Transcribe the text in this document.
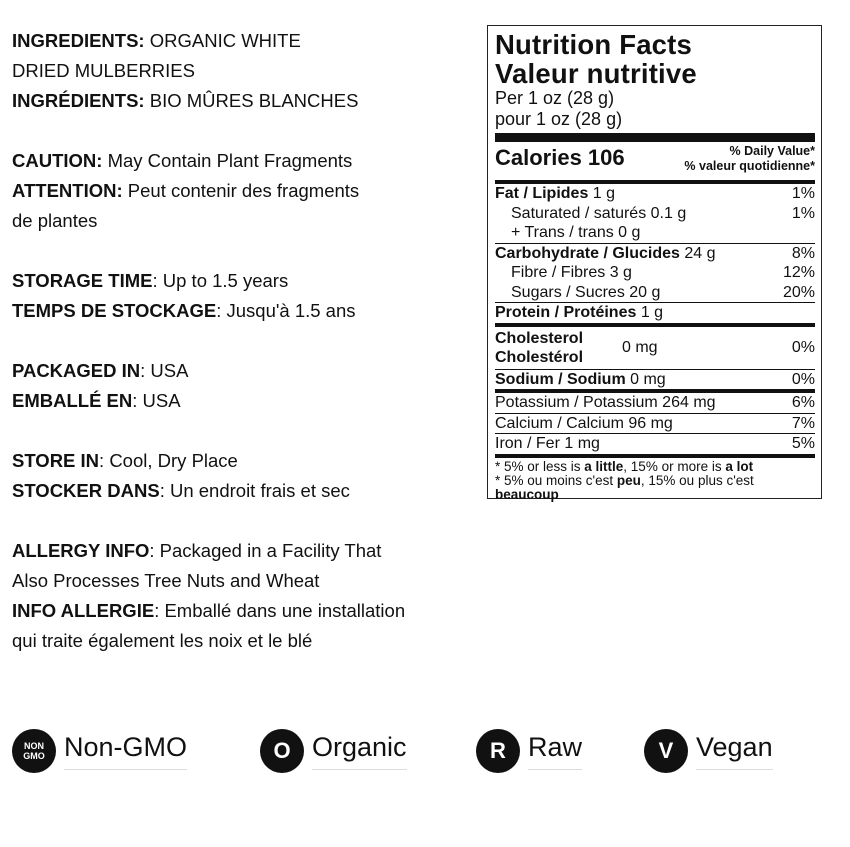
INGREDIENTS: ORGANIC WHITE

DRIED MULBERRIES

INGRÉDIENTS: BIO MÛRES BLANCHES

CAUTION: May Contain Plant Fragments

ATTENTION: Peut contenir des fragments

de plantes

STORAGE TIME: Up to 1.5 years

TEMPS DE STOCKAGE: Jusqu'à 1.5 ans

PACKAGED IN: USA

EMBALLÉ EN: USA

STORE IN: Cool, Dry Place

STOCKER DANS: Un endroit frais et sec

ALLERGY INFO: Packaged in a Facility That

Also Processes Tree Nuts and Wheat

INFO ALLERGIE: Emballé dans une installation

qui traite également les noix et le blé

Nutrition Facts
Valeur nutritive
Per 1 oz (28 g)
pour 1 oz (28 g)
Calories 106	% Daily Value*
% valeur quotidienne*
Fat / Lipides 1 g	1%
Saturated / saturés 0.1 g	1%
+ Trans / trans 0 g
Carbohydrate / Glucides 24 g	8%
Fibre / Fibres 3 g	12%
Sugars / Sucres 20 g	20%
Protein / Protéines 1 g
Cholesterol
Cholestérol
0 mg	0%
Sodium / Sodium 0 mg	0%
Potassium / Potassium 264 mg	6%
Calcium / Calcium 96 mg	7%
Iron / Fer 1 mg	5%
* 5% or less is a little, 15% or more is a lot
* 5% ou moins c'est peu, 15% ou plus c'est
beaucoup
NON
GMO Non-GMO	O Organic	R Raw	V Vegan
